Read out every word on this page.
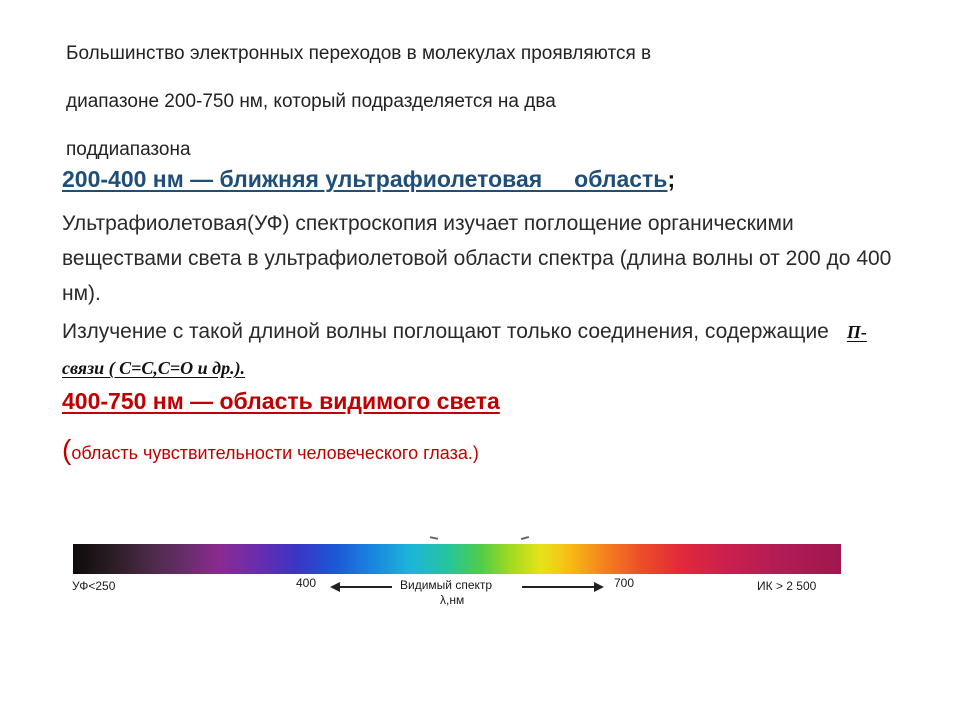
Большинство электронных переходов в молекулах проявляются в
диапазоне 200-750 нм, который подразделяется на два
поддиапазона
200-400 нм — ближняя ультрафиолетовая     область;
Ультрафиолетовая(УФ) спектроскопия изучает поглощение органическими веществами света в ультрафиолетовой области спектра (длина волны от 200 до 400 нм).
Излучение с такой длиной волны поглощают только соединения, содержащие П- связи ( С=С,С=О и др.).
400-750 нм — область видимого света
(область чувствительности человеческого глаза.)
УФ<250	400	Видимый спектр
λ,нм
700	ИК > 2 500
